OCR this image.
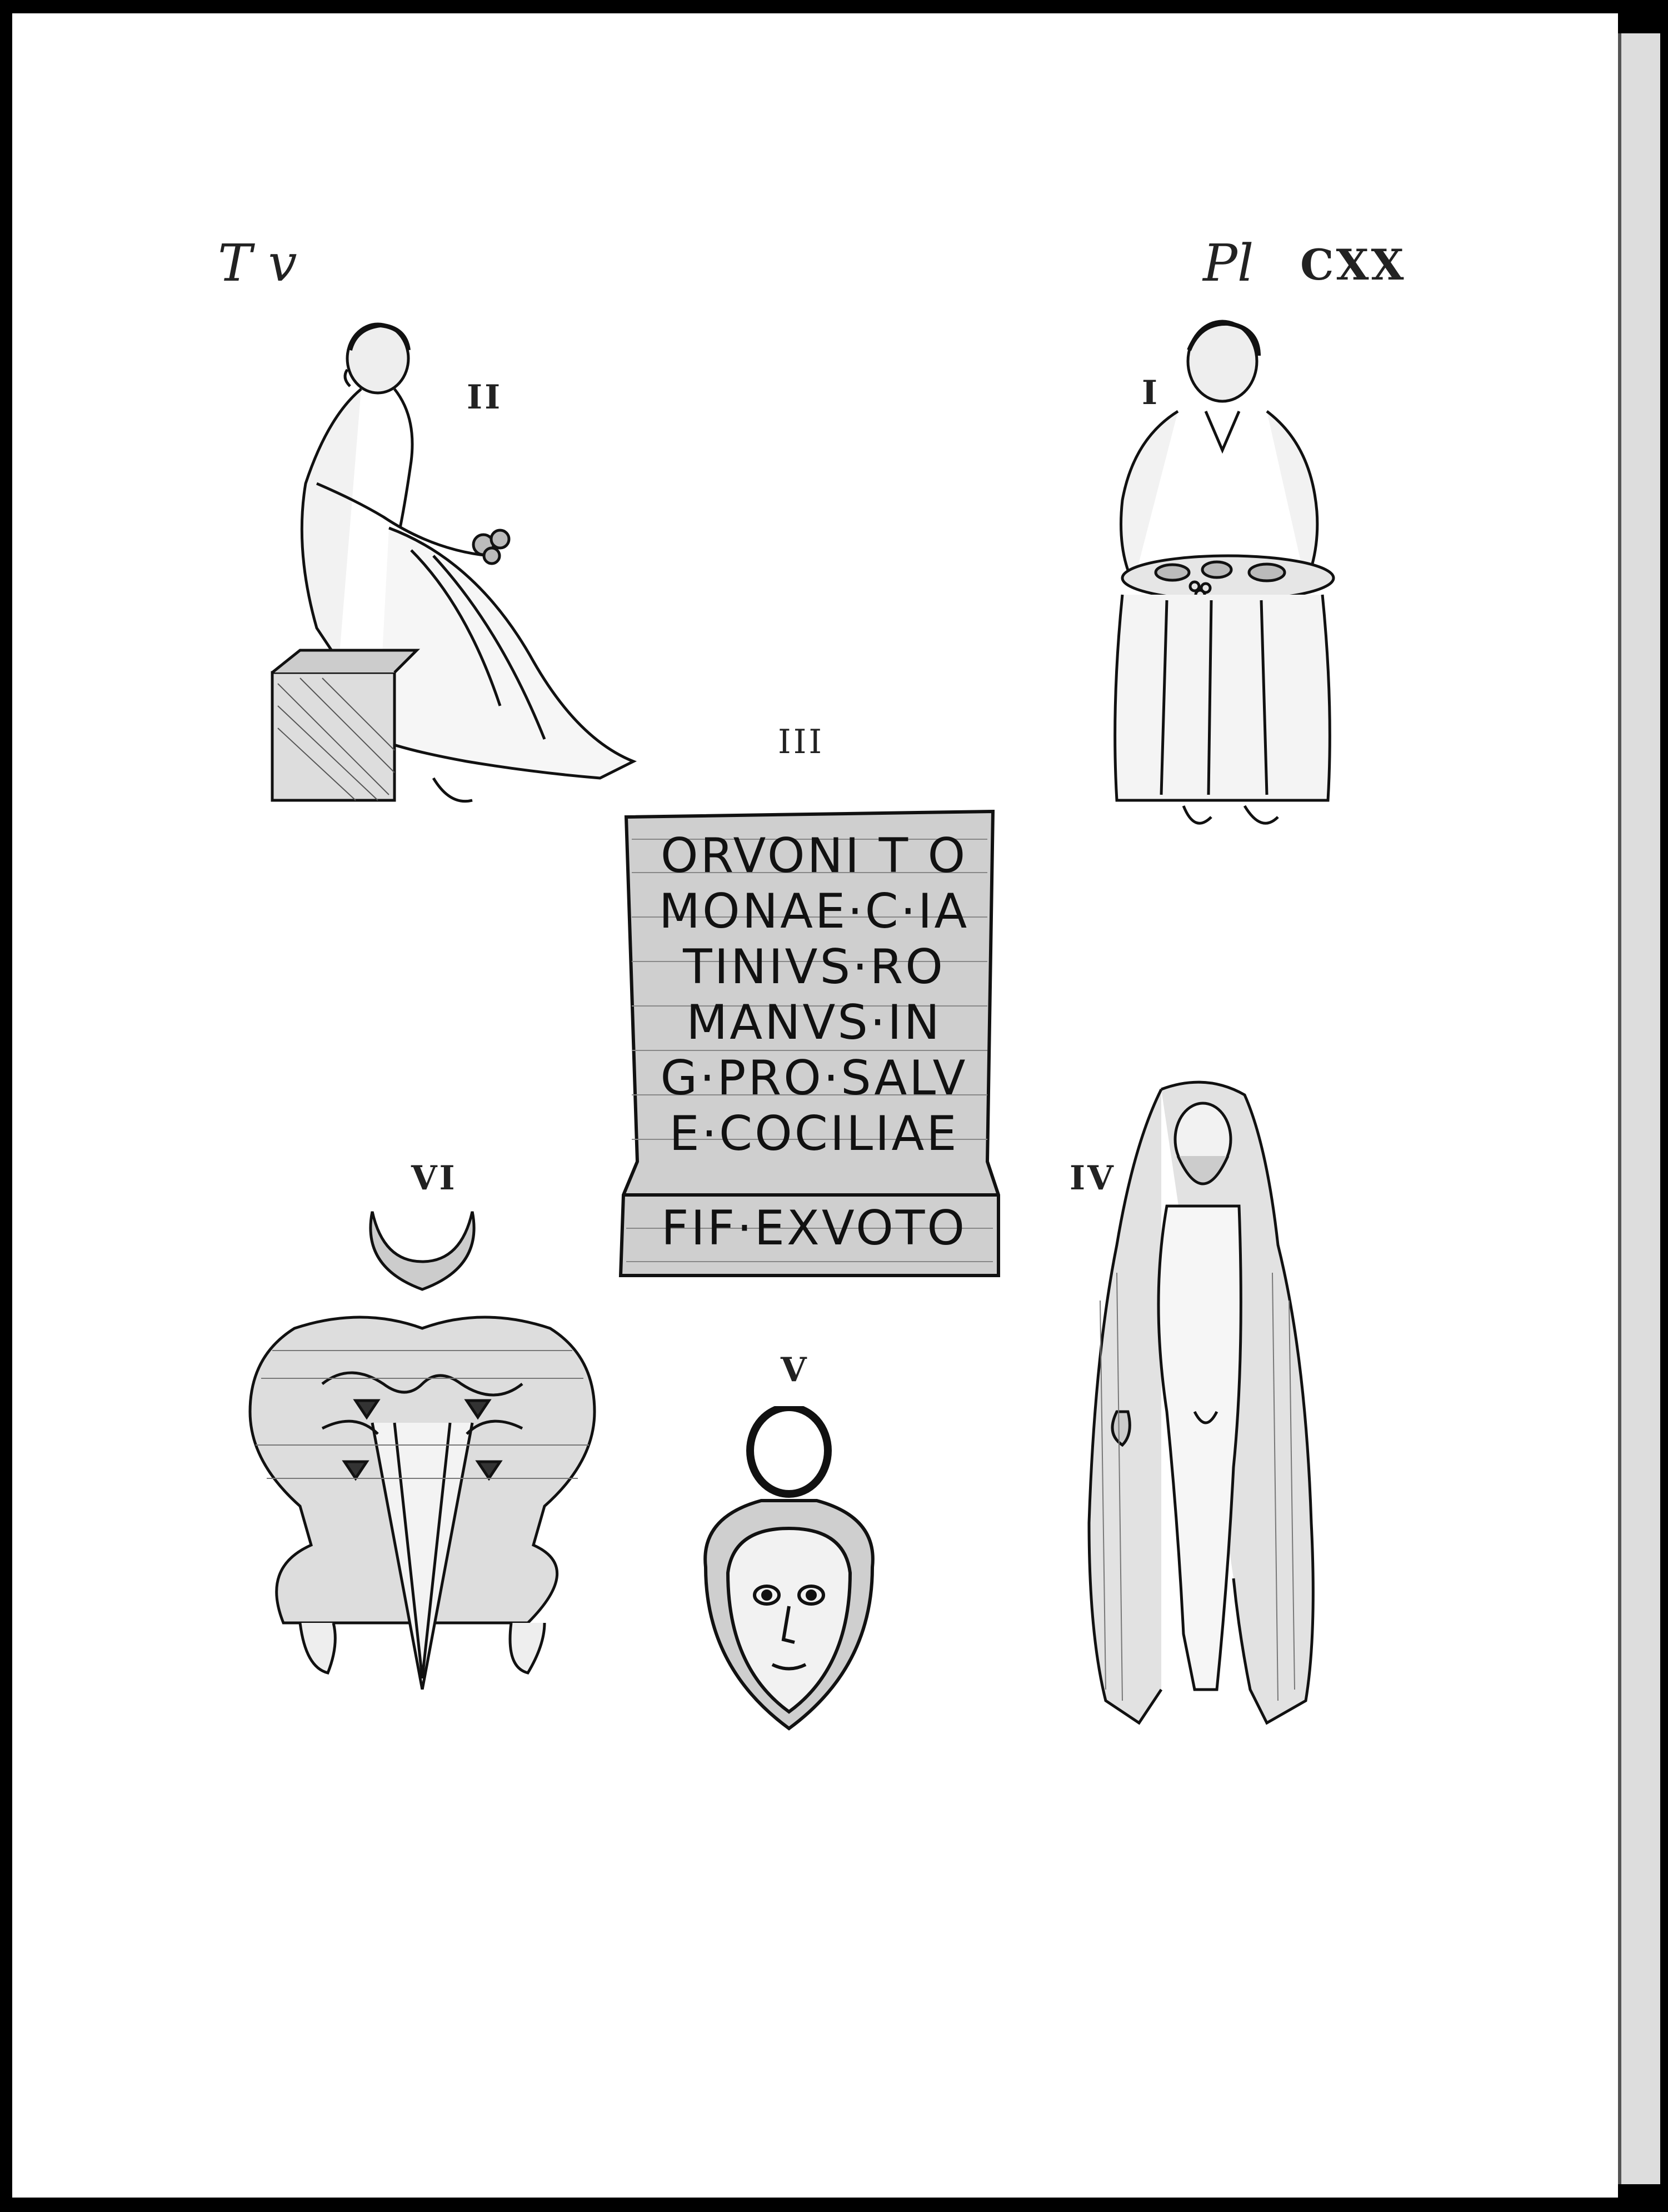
T v	Pl CXX
II	I
III
VI	IV
V
ORVONI T O
MONAE·C·IA
TINIVS·RO
MANVS·IN
G·PRO·SALV
E·COCILIAE
FIF·EXVOTO
